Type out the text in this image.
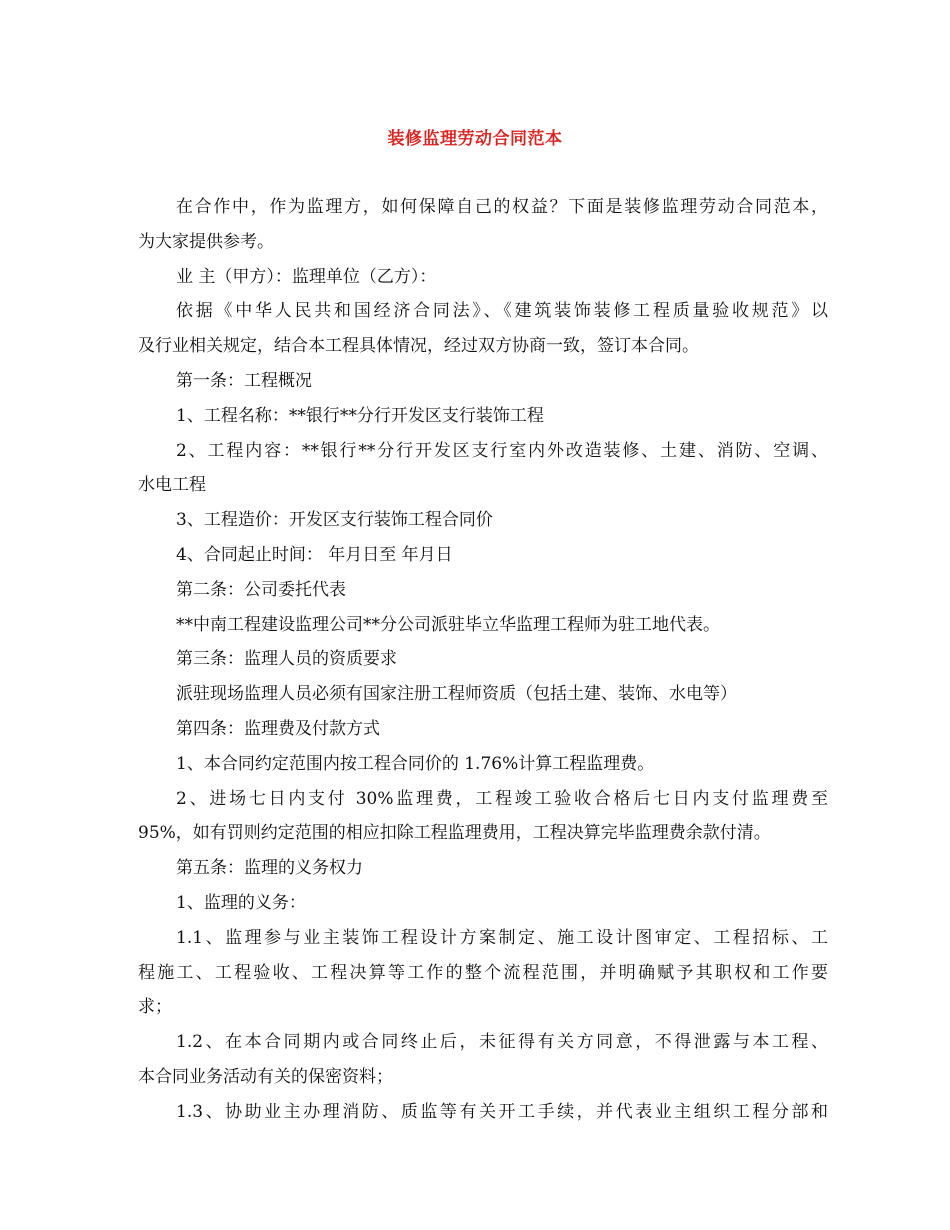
装修监理劳动合同范本
在合作中，作为监理方，如何保障自己的权益？下面是装修监理劳动合同范本，
为大家提供参考。
业 主（甲方）：监理单位（乙方）：
依据《中华人民共和国经济合同法》、《建筑装饰装修工程质量验收规范》以
及行业相关规定，结合本工程具体情况，经过双方协商一致，签订本合同。
第一条：工程概况
1、工程名称：**银行**分行开发区支行装饰工程
2、工程内容：**银行**分行开发区支行室内外改造装修、土建、消防、空调、
水电工程
3、工程造价：开发区支行装饰工程合同价
4、合同起止时间： 年月日至 年月日
第二条：公司委托代表
**中南工程建设监理公司**分公司派驻毕立华监理工程师为驻工地代表。
第三条：监理人员的资质要求
派驻现场监理人员必须有国家注册工程师资质（包括土建、装饰、水电等）
第四条：监理费及付款方式
1、本合同约定范围内按工程合同价的 1.76%计算工程监理费。
2、进场七日内支付 30%监理费，工程竣工验收合格后七日内支付监理费至
95%，如有罚则约定范围的相应扣除工程监理费用，工程决算完毕监理费余款付清。
第五条：监理的义务权力
1、监理的义务：
1.1、监理参与业主装饰工程设计方案制定、施工设计图审定、工程招标、工
程施工、工程验收、工程决算等工作的整个流程范围，并明确赋予其职权和工作要
求；
1.2、在本合同期内或合同终止后，未征得有关方同意，不得泄露与本工程、
本合同业务活动有关的保密资料；
1.3、协助业主办理消防、质监等有关开工手续，并代表业主组织工程分部和
